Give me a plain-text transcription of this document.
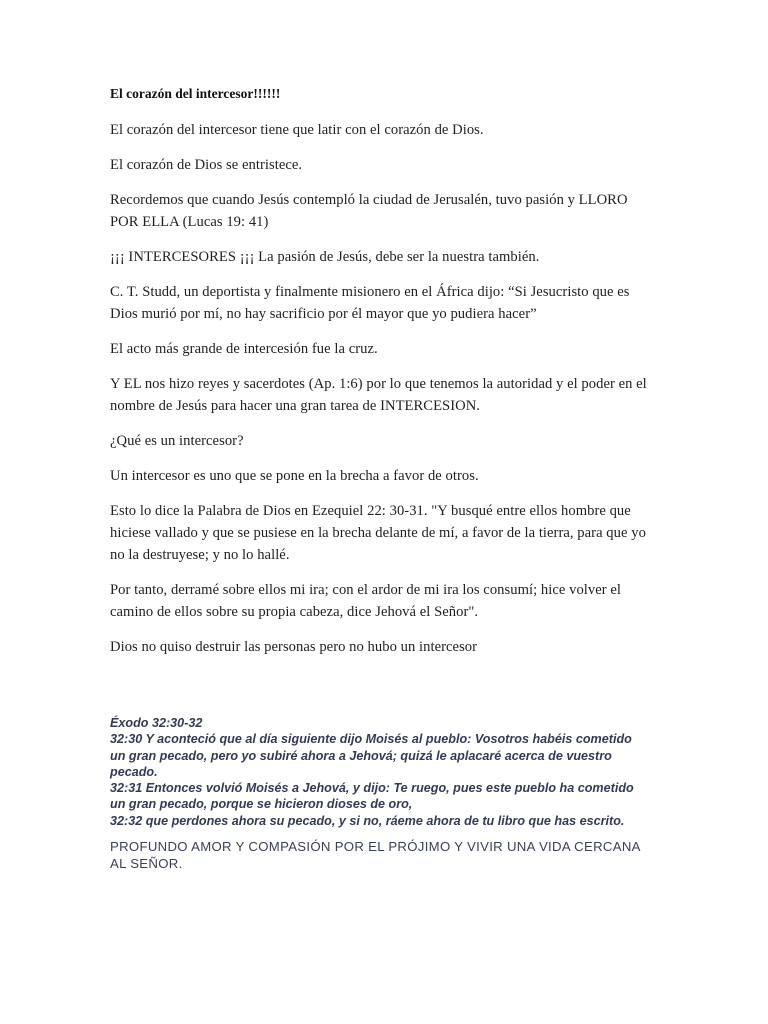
El corazón del intercesor!!!!!!

El corazón del intercesor tiene que latir con el corazón de Dios.

El corazón de Dios se entristece.

Recordemos que cuando Jesús contempló la ciudad de Jerusalén, tuvo pasión y LLORO POR ELLA (Lucas 19: 41)

¡¡¡ INTERCESORES ¡¡¡ La pasión de Jesús, debe ser la nuestra también.

C. T. Studd, un deportista y finalmente misionero en el África dijo: “Si Jesucristo que es Dios murió por mí, no hay sacrificio por él mayor que yo pudiera hacer”

El acto más grande de intercesión fue la cruz.

Y EL nos hizo reyes y sacerdotes (Ap. 1:6) por lo que tenemos la autoridad y el poder en el nombre de Jesús para hacer una gran tarea de INTERCESION.

¿Qué es un intercesor?

Un intercesor es uno que se pone en la brecha a favor de otros.

Esto lo dice la Palabra de Dios en Ezequiel 22: 30-31. "Y busqué entre ellos hombre que hiciese vallado y que se pusiese en la brecha delante de mí, a favor de la tierra, para que yo no la destruyese; y no lo hallé.

Por tanto, derramé sobre ellos mi ira; con el ardor de mi ira los consumí; hice volver el camino de ellos sobre su propia cabeza, dice Jehová el Señor".

Dios no quiso destruir las personas pero no hubo un intercesor

Éxodo 32:30-32

32:30 Y aconteció que al día siguiente dijo Moisés al pueblo: Vosotros habéis cometido un gran pecado, pero yo subiré ahora a Jehová; quizá le aplacaré acerca de vuestro pecado.

32:31 Entonces volvió Moisés a Jehová, y dijo: Te ruego, pues este pueblo ha cometido un gran pecado, porque se hicieron dioses de oro,

32:32 que perdones ahora su pecado, y si no, ráeme ahora de tu libro que has escrito.

PROFUNDO AMOR Y COMPASIÓN POR EL PRÓJIMO Y VIVIR UNA VIDA CERCANA AL SEÑOR.
